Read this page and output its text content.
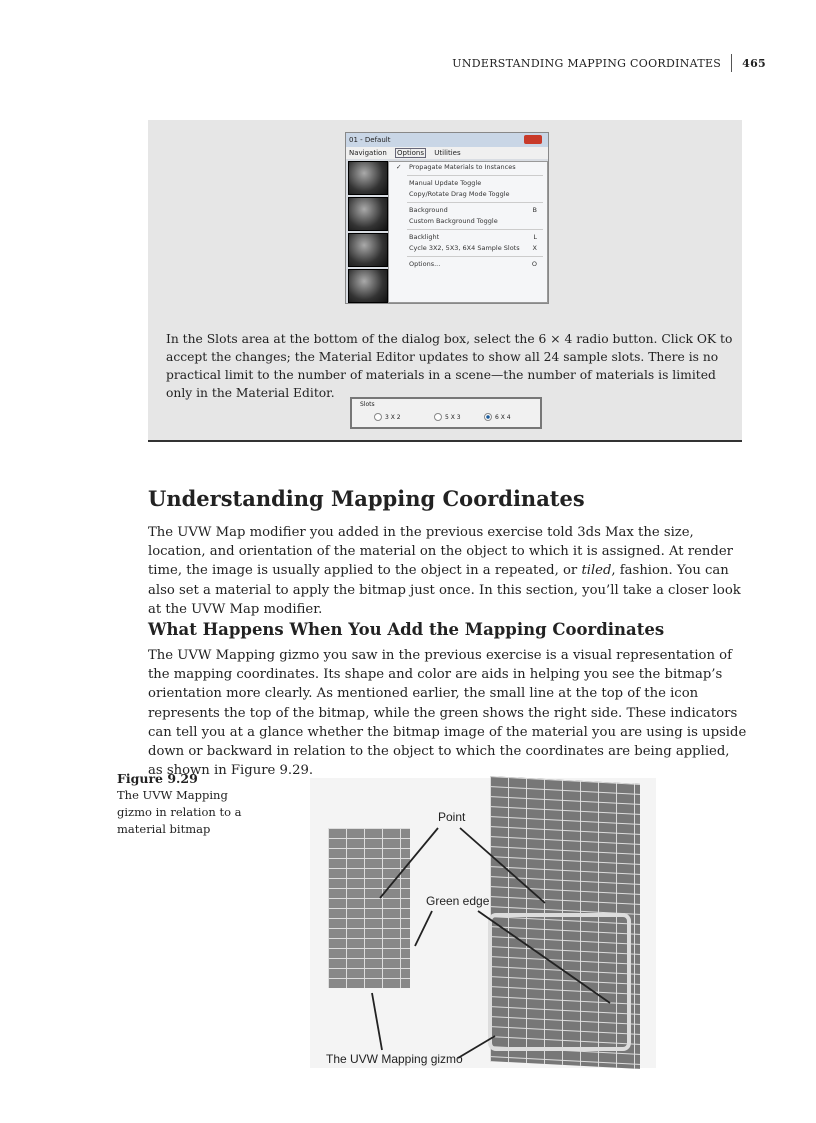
UNDERSTANDING MAPPING COORDINATES 465
01 - Default
Navigation Options Utilities
✓ Propagate Materials to Instances
Manual Update Toggle
Copy/Rotate Drag Mode Toggle
Background	B
Custom Background Toggle
Backlight	L
Cycle 3X2, 5X3, 6X4 Sample Slots X
Options...	O
In the Slots area at the bottom of the dialog box, select the 6 × 4 radio button. Click OK to accept the changes; the Material Editor updates to show all 24 sample slots. There is no practical limit to the number of materials in a scene—the number of materials is limited only in the Material Editor.
Slots
3 X 2	5 X 3	6 X 4
Understanding Mapping Coordinates

The UVW Map modifier you added in the previous exercise told 3ds Max the size, location, and orientation of the material on the object to which it is assigned. At render time, the image is usually applied to the object in a repeated, or tiled, fashion. You can also set a material to apply the bitmap just once. In this section, you’ll take a closer look at the UVW Map modifier.

What Happens When You Add the Mapping Coordinates

The UVW Mapping gizmo you saw in the previous exercise is a visual representation of the mapping coordinates. Its shape and color are aids in helping you see the bitmap’s orientation more clearly. As mentioned earlier, the small line at the top of the icon represents the top of the bitmap, while the green shows the right side. These indicators can tell you at a glance whether the bitmap image of the material you are using is upside down or backward in relation to the object to which the coordinates are being applied, as shown in Figure 9.29.

Figure 9.29
The UVW Mapping gizmo in relation to a material bitmap
Point
Green edge
The UVW Mapping gizmo
